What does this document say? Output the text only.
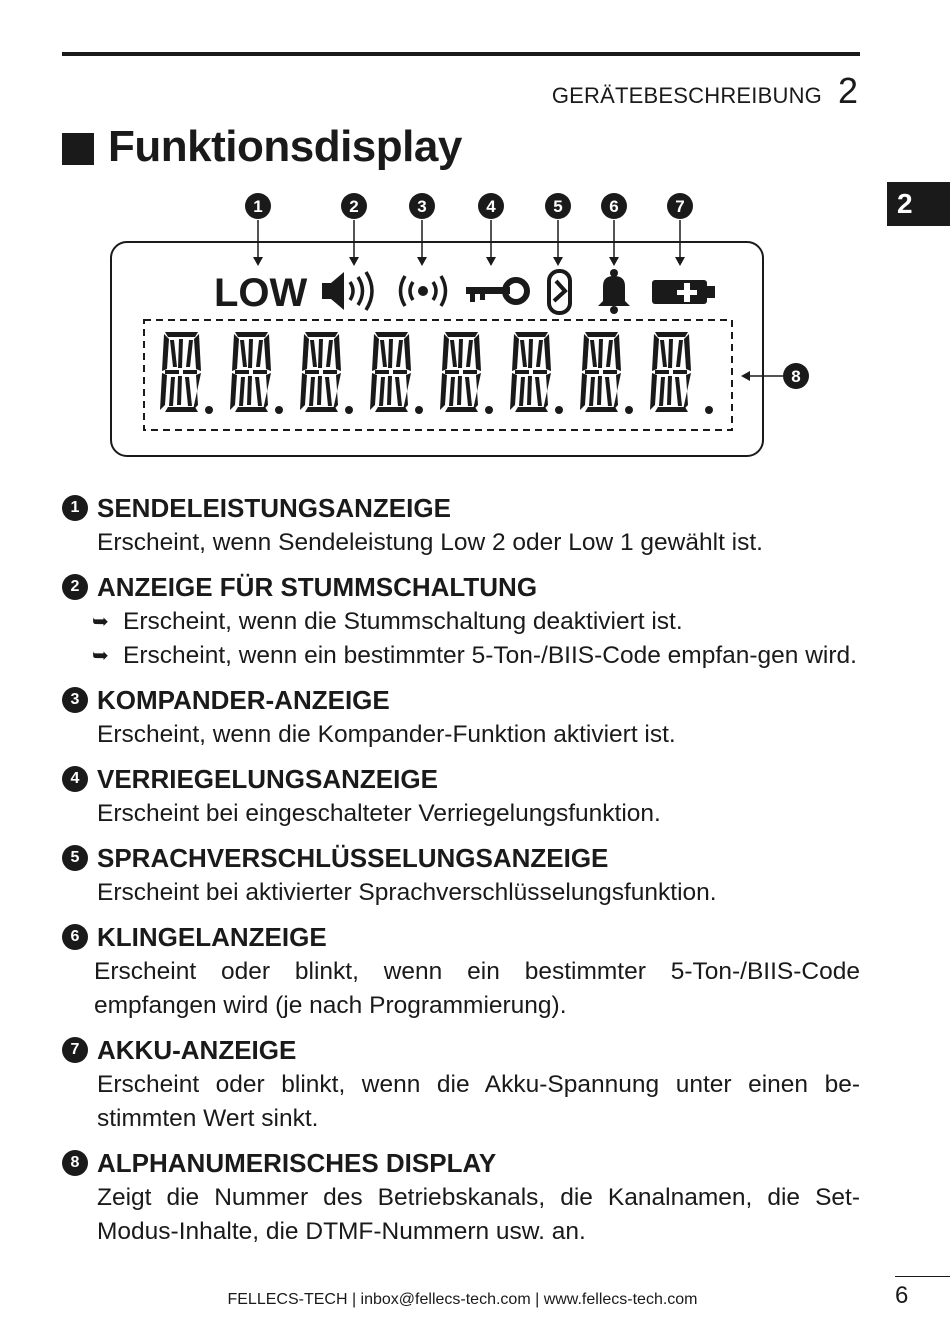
GERÄTEBESCHREIBUNG 2
2
Funktionsdisplay
1	2	3	4	5	6	7
8
LOW
1 SENDELEISTUNGSANZEIGE
Erscheint, wenn Sendeleistung Low 2 oder Low 1 gewählt ist.
2 ANZEIGE FÜR STUMMSCHALTUNG
➥ Erscheint, wenn die Stummschaltung deaktiviert ist.
➥ Erscheint, wenn ein bestimmter 5-Ton-/BIIS-Code empfan-gen wird.
3 KOMPANDER-ANZEIGE
Erscheint, wenn die Kompander-Funktion aktiviert ist.
4 VERRIEGELUNGSANZEIGE
Erscheint bei eingeschalteter Verriegelungsfunktion.
5 SPRACHVERSCHLÜSSELUNGSANZEIGE
Erscheint bei aktivierter Sprachverschlüsselungsfunktion.
6 KLINGELANZEIGE
Erscheint oder blinkt, wenn ein bestimmter 5-Ton-/BIIS-Code empfangen wird (je nach Programmierung).
7 AKKU-ANZEIGE
Erscheint oder blinkt, wenn die Akku-Spannung unter einen be-stimmten Wert sinkt.
8 ALPHANUMERISCHES DISPLAY
Zeigt die Nummer des Betriebskanals, die Kanalnamen, die Set-Modus-Inhalte, die DTMF-Nummern usw. an.
FELLECS-TECH | inbox@fellecs-tech.com | www.fellecs-tech.com	6
